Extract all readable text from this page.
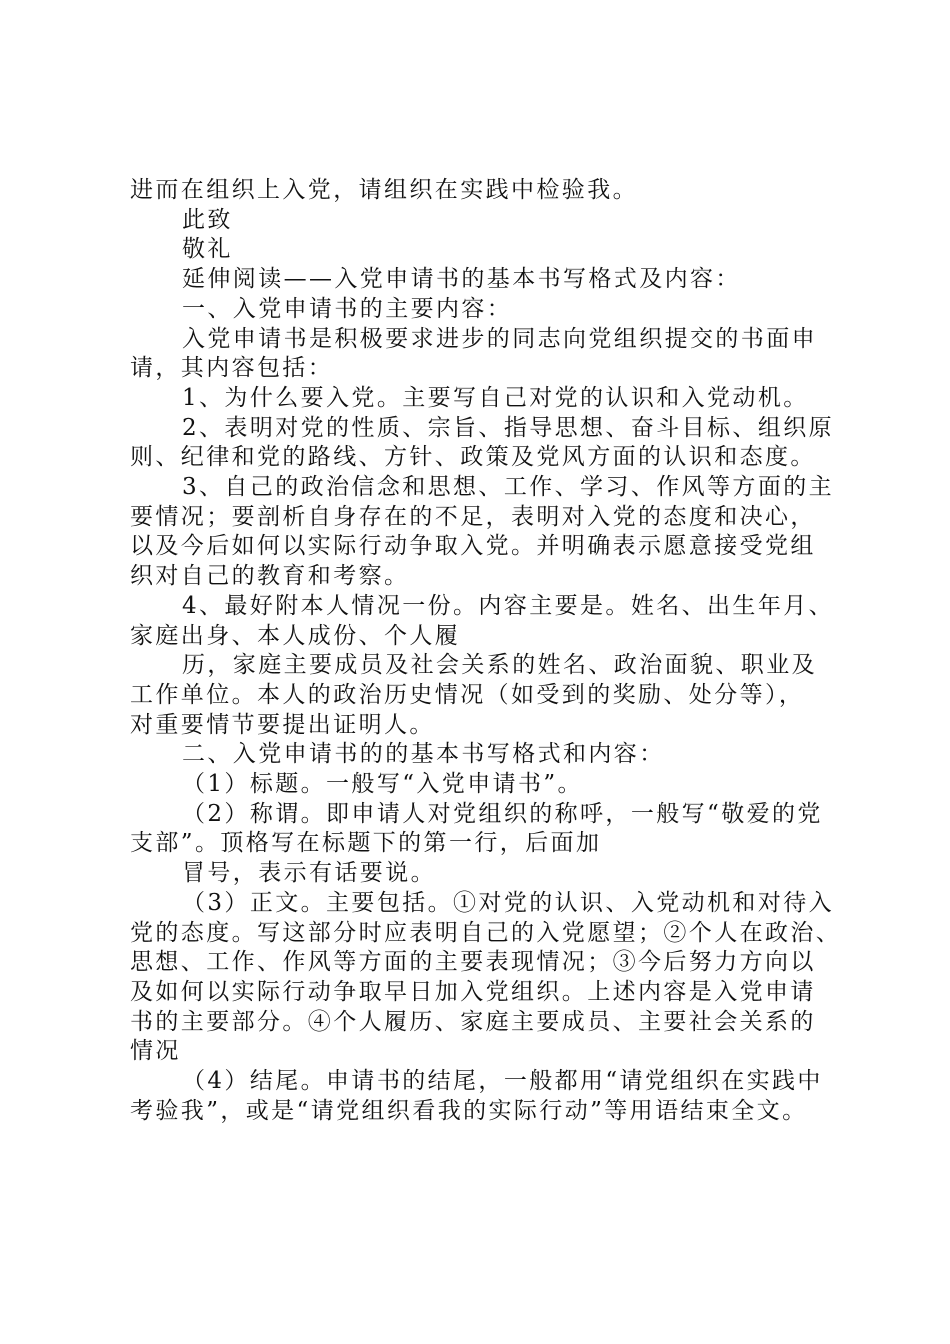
进而在组织上入党，请组织在实践中检验我。
此致
敬礼
延伸阅读——入党申请书的基本书写格式及内容：
一、入党申请书的主要内容：
入党申请书是积极要求进步的同志向党组织提交的书面申
请，其内容包括：
1、为什么要入党。主要写自己对党的认识和入党动机。
2、表明对党的性质、宗旨、指导思想、奋斗目标、组织原
则、纪律和党的路线、方针、政策及党风方面的认识和态度。
3、自己的政治信念和思想、工作、学习、作风等方面的主
要情况；要剖析自身存在的不足，表明对入党的态度和决心，
以及今后如何以实际行动争取入党。并明确表示愿意接受党组
织对自己的教育和考察。
4、最好附本人情况一份。内容主要是。姓名、出生年月、
家庭出身、本人成份、个人履
历，家庭主要成员及社会关系的姓名、政治面貌、职业及
工作单位。本人的政治历史情况（如受到的奖励、处分等），
对重要情节要提出证明人。
二、入党申请书的的基本书写格式和内容：
（1）标题。一般写“入党申请书”。
（2）称谓。即申请人对党组织的称呼，一般写“敬爱的党
支部”。顶格写在标题下的第一行，后面加
冒号，表示有话要说。
（3）正文。主要包括。①对党的认识、入党动机和对待入
党的态度。写这部分时应表明自己的入党愿望；②个人在政治、
思想、工作、作风等方面的主要表现情况；③今后努力方向以
及如何以实际行动争取早日加入党组织。上述内容是入党申请
书的主要部分。④个人履历、家庭主要成员、主要社会关系的
情况
（4）结尾。申请书的结尾，一般都用“请党组织在实践中
考验我”，或是“请党组织看我的实际行动”等用语结束全文。
